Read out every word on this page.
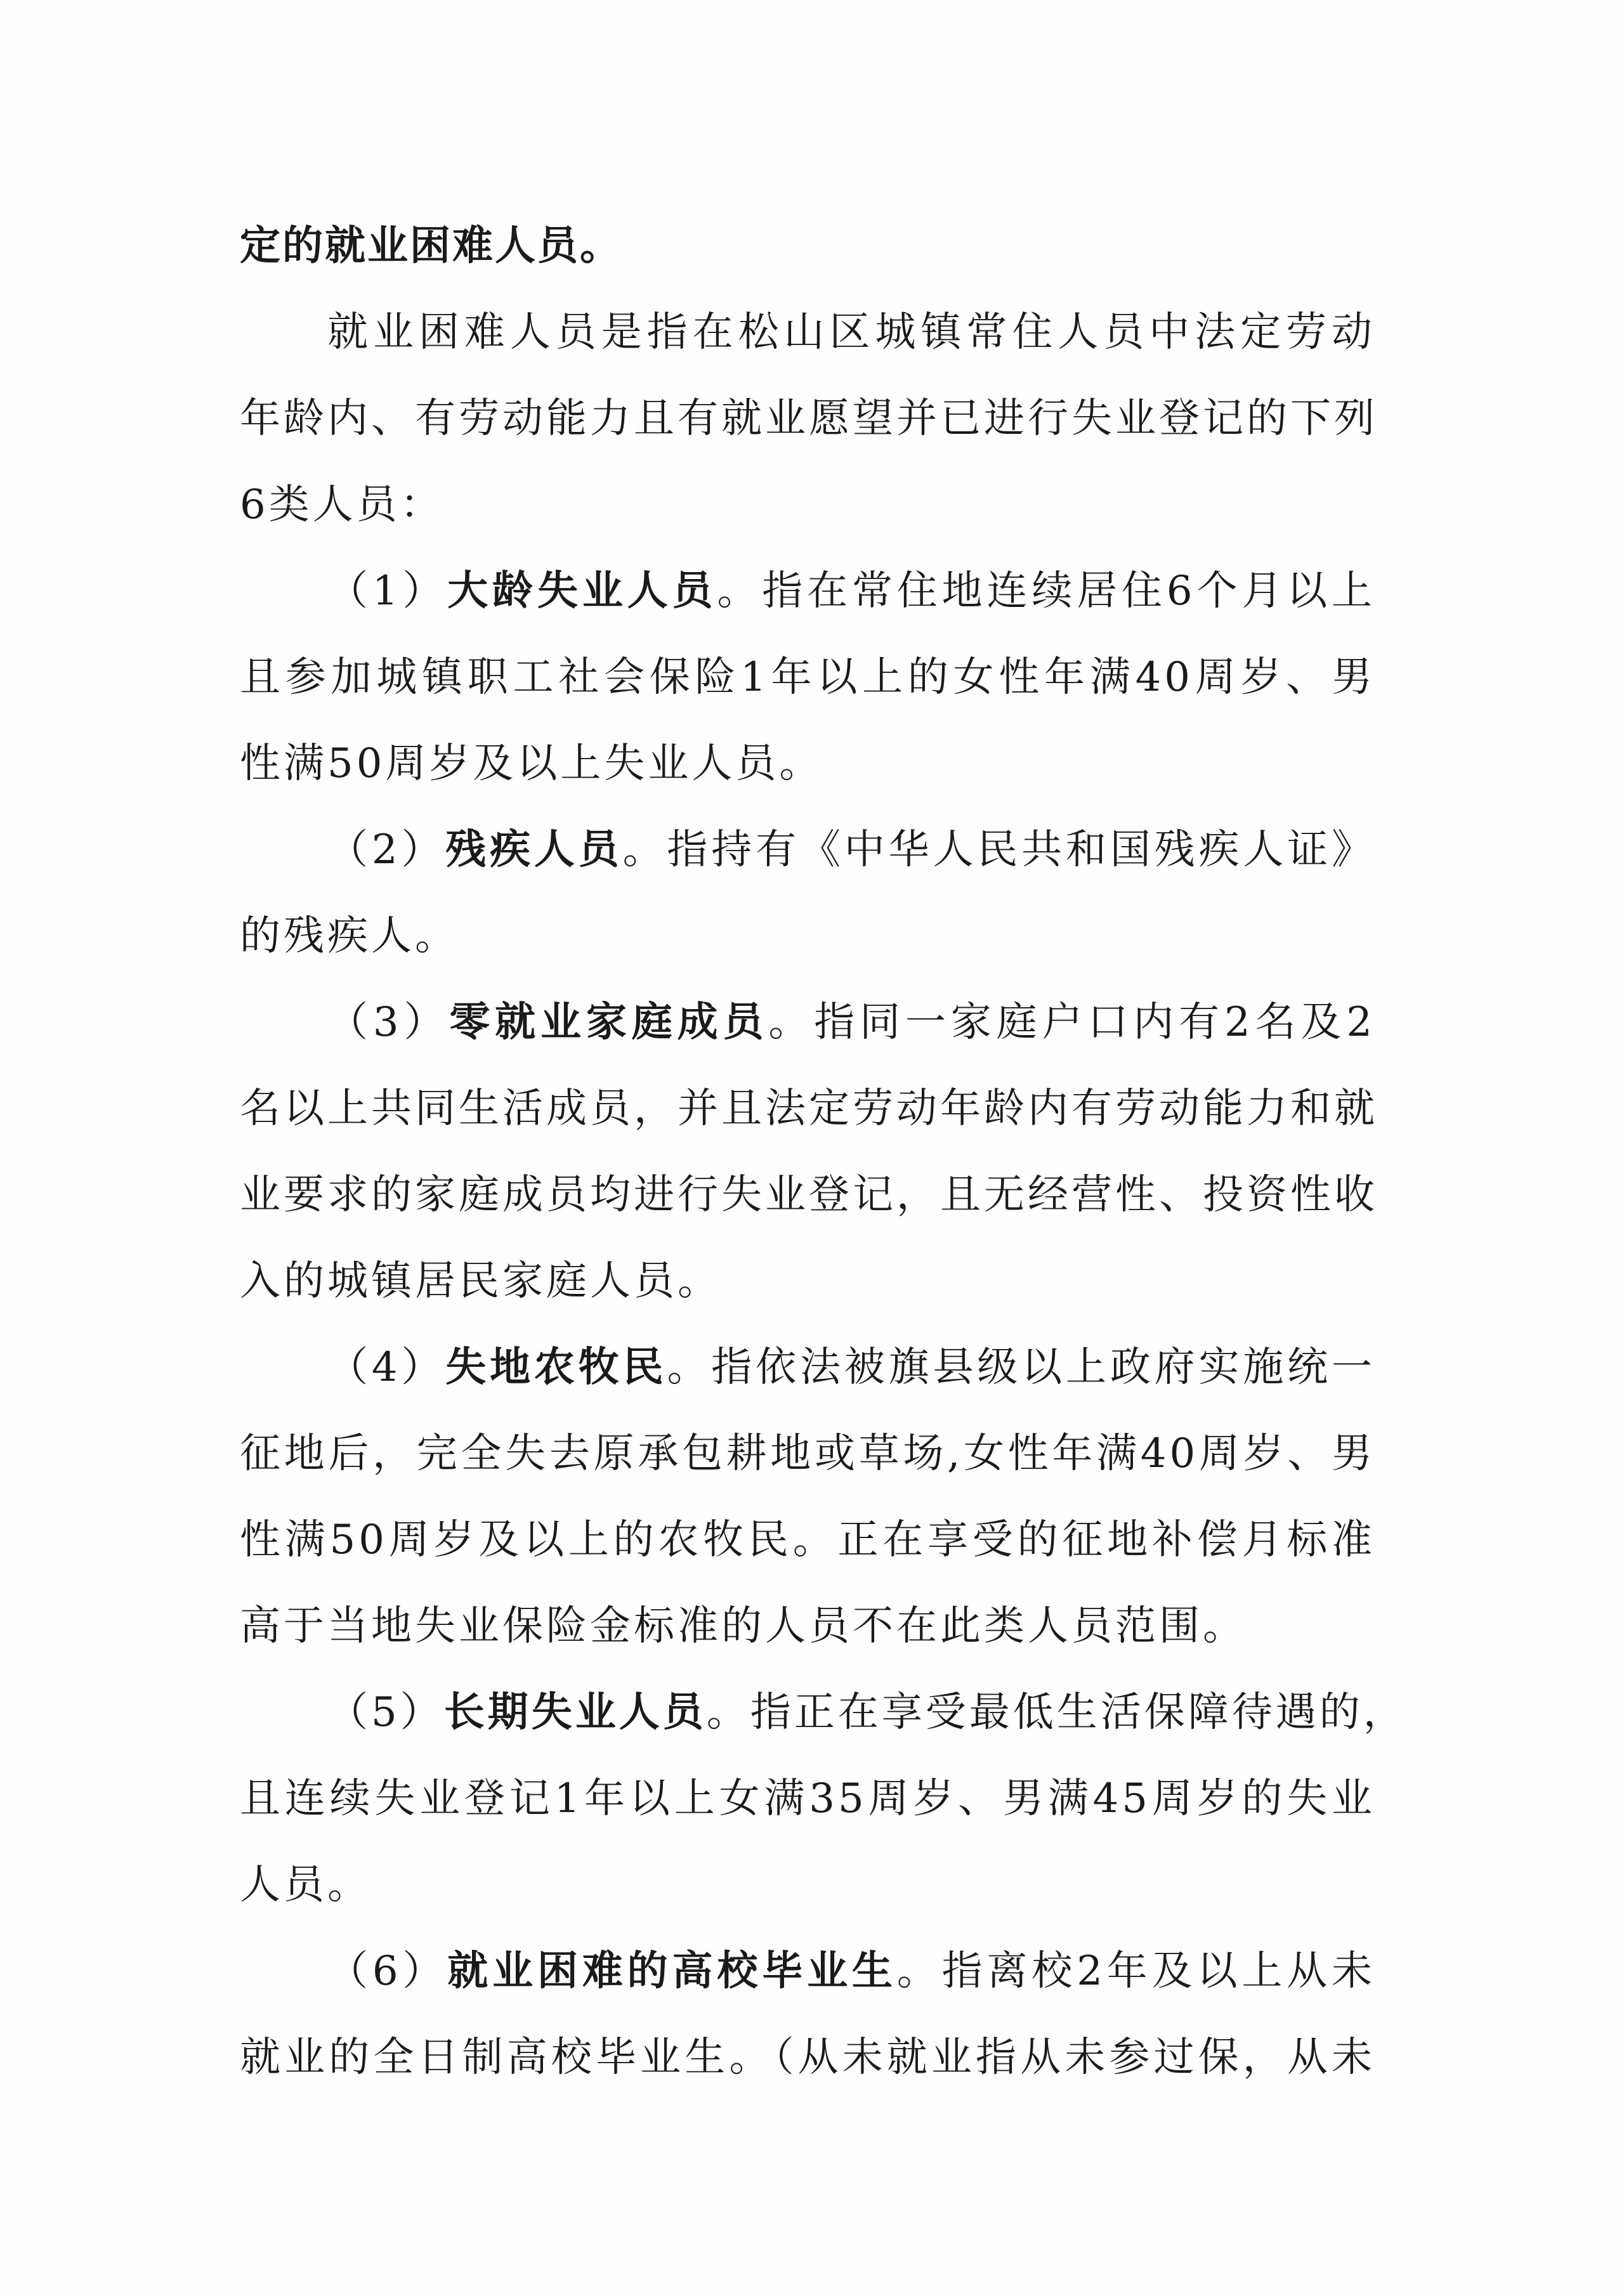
定的就业困难人员。
就业困难人员是指在松山区城镇常住人员中法定劳动
年龄内、有劳动能力且有就业愿望并已进行失业登记的下列
6类人员：
（1）大龄失业人员。指在常住地连续居住6个月以上
且参加城镇职工社会保险1年以上的女性年满40周岁、男
性满50周岁及以上失业人员。
（2）残疾人员。指持有《中华人民共和国残疾人证》
的残疾人。
（3）零就业家庭成员。指同一家庭户口内有2名及2
名以上共同生活成员，并且法定劳动年龄内有劳动能力和就
业要求的家庭成员均进行失业登记，且无经营性、投资性收
入的城镇居民家庭人员。
（4）失地农牧民。指依法被旗县级以上政府实施统一
征地后，完全失去原承包耕地或草场,女性年满40周岁、男
性满50周岁及以上的农牧民。正在享受的征地补偿月标准
高于当地失业保险金标准的人员不在此类人员范围。
（5）长期失业人员。指正在享受最低生活保障待遇的，
且连续失业登记1年以上女满35周岁、男满45周岁的失业
人员。
（6）就业困难的高校毕业生。指离校2年及以上从未
就业的全日制高校毕业生。（从未就业指从未参过保，从未
